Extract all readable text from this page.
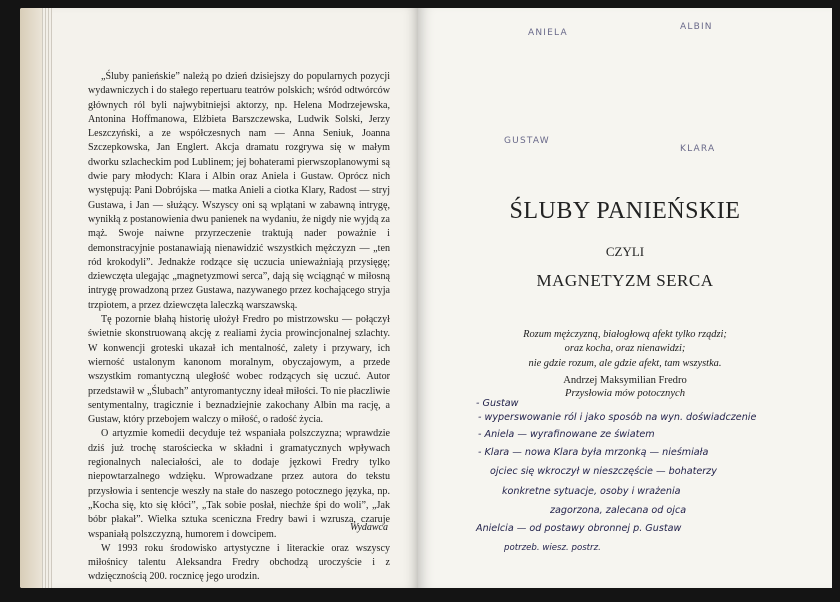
„Śluby panieńskie” należą po dzień dzisiejszy do popularnych pozycji wydawniczych i do stałego repertuaru teatrów polskich; wśród odtwórców głównych ról byli najwybitniejsi aktorzy, np. Helena Modrzejewska, Antonina Hoffmanowa, Elżbieta Barszczewska, Ludwik Solski, Jerzy Leszczyński, a ze współczesnych nam — Anna Seniuk, Joanna Szczepkowska, Jan Englert. Akcja dramatu rozgrywa się w małym dworku szlacheckim pod Lublinem; jej bohaterami pierwszoplanowymi są dwie pary młodych: Klara i Albin oraz Aniela i Gustaw. Oprócz nich występują: Pani Dobrójska — matka Anieli a ciotka Klary, Radost — stryj Gustawa, i Jan — służący. Wszyscy oni są wplątani w zabawną intrygę, wynikłą z postanowienia dwu panienek na wydaniu, że nigdy nie wyjdą za mąż. Swoje naiwne przyrzeczenie traktują nader poważnie i demonstracyjnie postanawiają nienawidzić wszystkich mężczyzn — „ten ród krokodyli”. Jednakże rodzące się uczucia unieważniają przysięgę; dziewczęta ulegając „magnetyzmowi serca”, dają się wciągnąć w miłosną intrygę prowadzoną przez Gustawa, nazywanego przez kochającego stryja trzpiotem, a przez dziewczęta laleczką warszawską.

Tę pozornie błahą historię ułożył Fredro po mistrzowsku — połączył świetnie skonstruowaną akcję z realiami życia prowincjonalnej szlachty. W konwencji groteski ukazał ich mentalność, zalety i przywary, ich wierność ustalonym kanonom moralnym, obyczajowym, a przede wszystkim romantyczną uległość wobec rodzących się uczuć. Autor przedstawił w „Ślubach” antyromantyczny ideał miłości. To nie płaczliwie sentymentalny, tragicznie i beznadziejnie zakochany Albin ma rację, a Gustaw, który przebojem walczy o miłość, o radość życia.

O artyzmie komedii decyduje też wspaniała polszczyzna; wprawdzie dziś już trochę starościecka w składni i gramatycznych wpływach regionalnych naleciałości, ale to dodaje jęzkowi Fredry tylko niepowtarzalnego wdzięku. Wprowadzane przez autora do tekstu przysłowia i sentencje weszły na stałe do naszego potocznego języka, np. „Kocha się, kto się kłóci”, „Tak sobie posłał, niechże śpi do woli”, „Jak bóbr płakał”. Wielka sztuka sceniczna Fredry bawi i wzrusza, czaruje wspaniałą polszczyzną, humorem i dowcipem.

W 1993 roku środowisko artystyczne i literackie oraz wszyscy miłośnicy talentu Aleksandra Fredry obchodzą uroczyście i z wdzięcznością 200. rocznicę jego urodzin.

Wydawca
ŚLUBY PANIEŃSKIE
CZYLI
MAGNETYZM SERCA
Rozum mężczyzną, białogłową afekt tylko rządzi;
oraz kocha, oraz nienawidzi;
nie gdzie rozum, ale gdzie afekt, tam wszystka.
Andrzej Maksymilian Fredro
Przysłowia mów potocznych
ANIELA
ALBIN
GUSTAW
KLARA
- Gustaw
- wyperswowanie ról i jako sposób na wyn. doświadczenie
- Aniela — wyrafinowane ze światem
- Klara — nowa Klara była mrzonką — nieśmiała
ojciec się wkroczył w nieszczęście — bohaterzy
konkretne sytuacje, osoby i wrażenia
zagorzona, zalecana od ojca
Anielcia — od postawy obronnej p. Gustaw
potrzeb. wiesz. postrz.
